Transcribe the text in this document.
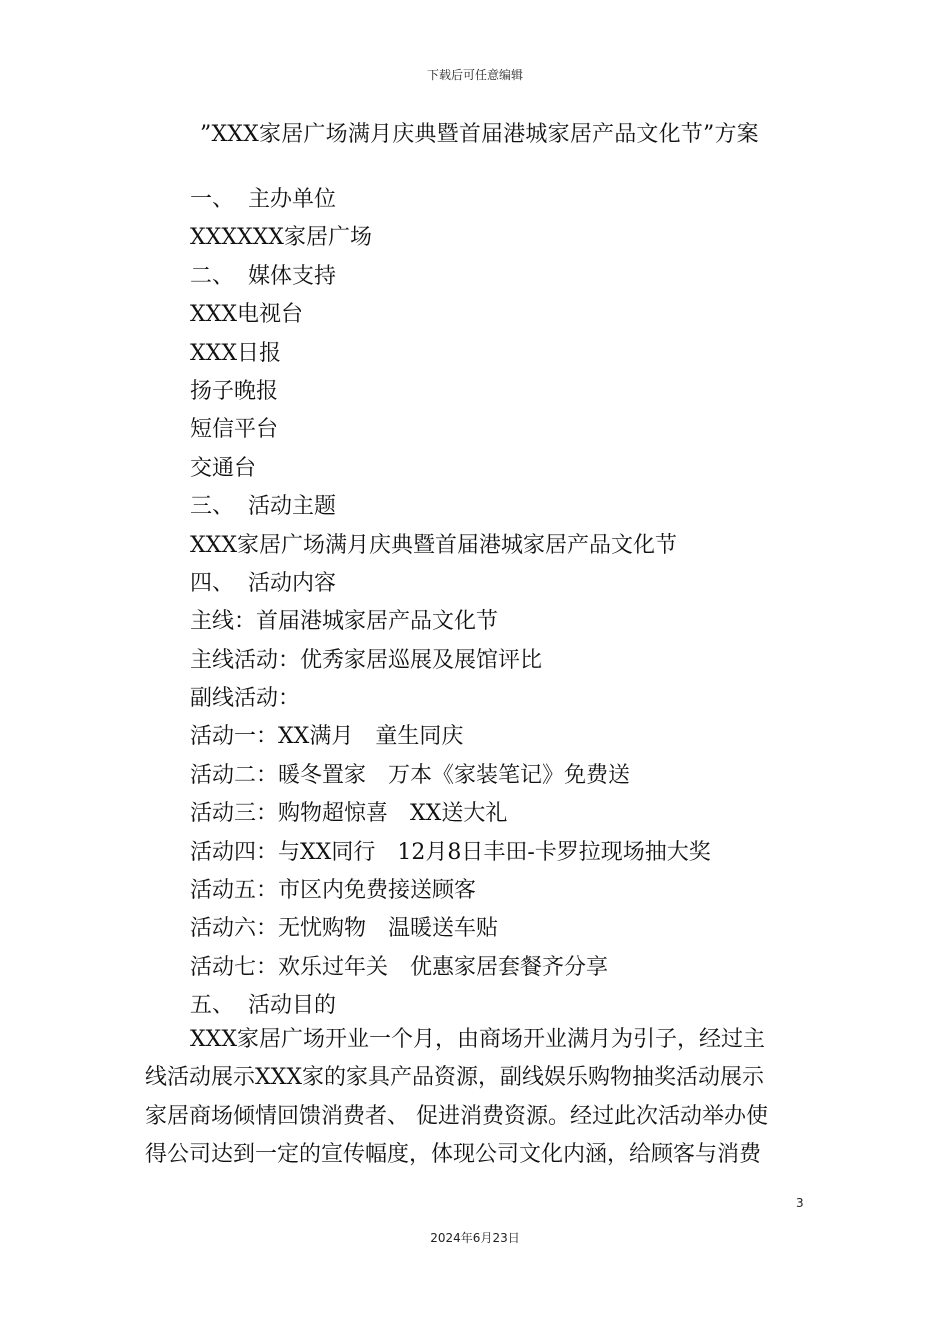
下载后可任意编辑
”XXX家居广场满月庆典暨首届港城家居产品文化节”方案
一、 主办单位
XXXXXX家居广场
二、 媒体支持
XXX电视台
XXX日报
扬子晚报
短信平台
交通台
三、 活动主题
XXX家居广场满月庆典暨首届港城家居产品文化节
四、 活动内容
主线：首届港城家居产品文化节
主线活动：优秀家居巡展及展馆评比
副线活动：
活动一：XX满月　童生同庆
活动二：暖冬置家　万本《家装笔记》免费送
活动三：购物超惊喜　XX送大礼
活动四：与XX同行　12月8日丰田-卡罗拉现场抽大奖
活动五：市区内免费接送顾客
活动六：无忧购物　温暖送车贴
活动七：欢乐过年关　优惠家居套餐齐分享
五、 活动目的
XXX家居广场开业一个月，由商场开业满月为引子，经过主
线活动展示XXX家的家具产品资源，副线娱乐购物抽奖活动展示
家居商场倾情回馈消费者、 促进消费资源。经过此次活动举办使
得公司达到一定的宣传幅度，体现公司文化内涵，给顾客与消费
3
2024年6月23日
